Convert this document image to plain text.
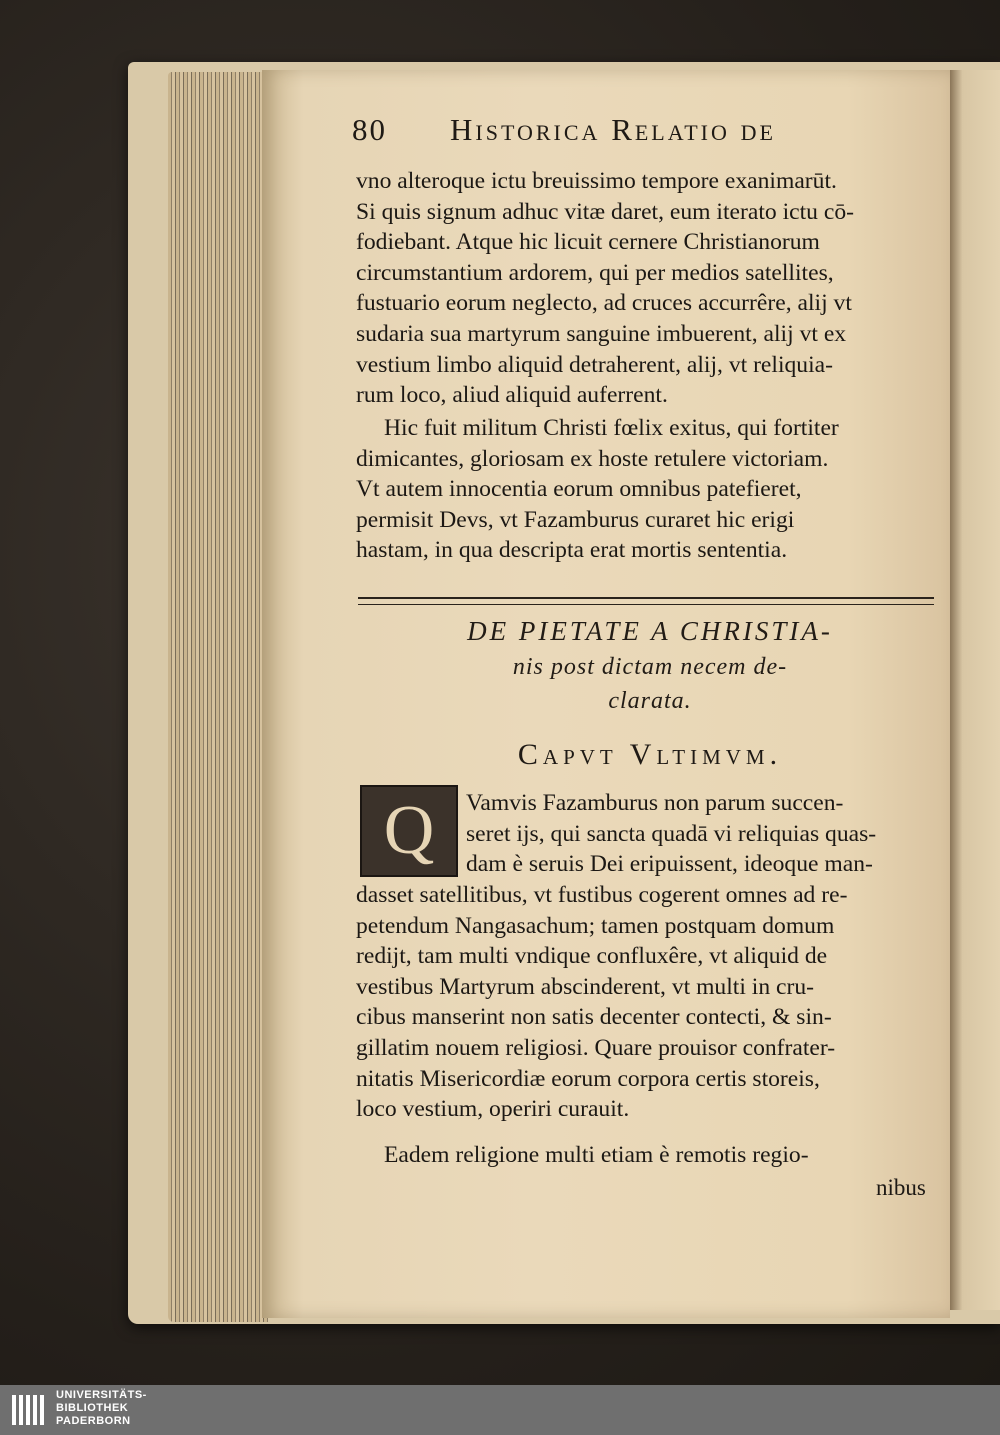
80 Historica Relatio de

vno alteroque ictu breuissimo tempore exanimarūt.

Si quis signum adhuc vitæ daret, eum iterato ictu cō-

fodiebant. Atque hic licuit cernere Christianorum

circumstantium ardorem, qui per medios satellites,

fustuario eorum neglecto, ad cruces accurrêre, alij vt

sudaria sua martyrum sanguine imbuerent, alij vt ex

vestium limbo aliquid detraherent, alij, vt reliquia-

rum loco, aliud aliquid auferrent.

Hic fuit militum Christi fœlix exitus, qui fortiter

dimicantes, gloriosam ex hoste retulere victoriam.

Vt autem innocentia eorum omnibus patefieret,

permisit Devs, vt Fazamburus curaret hic erigi

hastam, in qua descripta erat mortis sententia.

DE PIETATE A CHRISTIA-
nis post dictam necem de-
clarata.
Capvt Vltimvm.
Q	Vamvis Fazamburus non parum succen-

seret ijs, qui sancta quadā vi reliquias quas-

dam è seruis Dei eripuissent, ideoque man-

dasset satellitibus, vt fustibus cogerent omnes ad re-

petendum Nangasachum; tamen postquam domum

redijt, tam multi vndique confluxêre, vt aliquid de

vestibus Martyrum abscinderent, vt multi in cru-

cibus manserint non satis decenter contecti, & sin-

gillatim nouem religiosi. Quare prouisor confrater-

nitatis Misericordiæ eorum corpora certis storeis,

loco vestium, operiri curauit.

Eadem religione multi etiam è remotis regio-

nibus
UNIVERSITÄTS-
BIBLIOTHEK
PADERBORN
